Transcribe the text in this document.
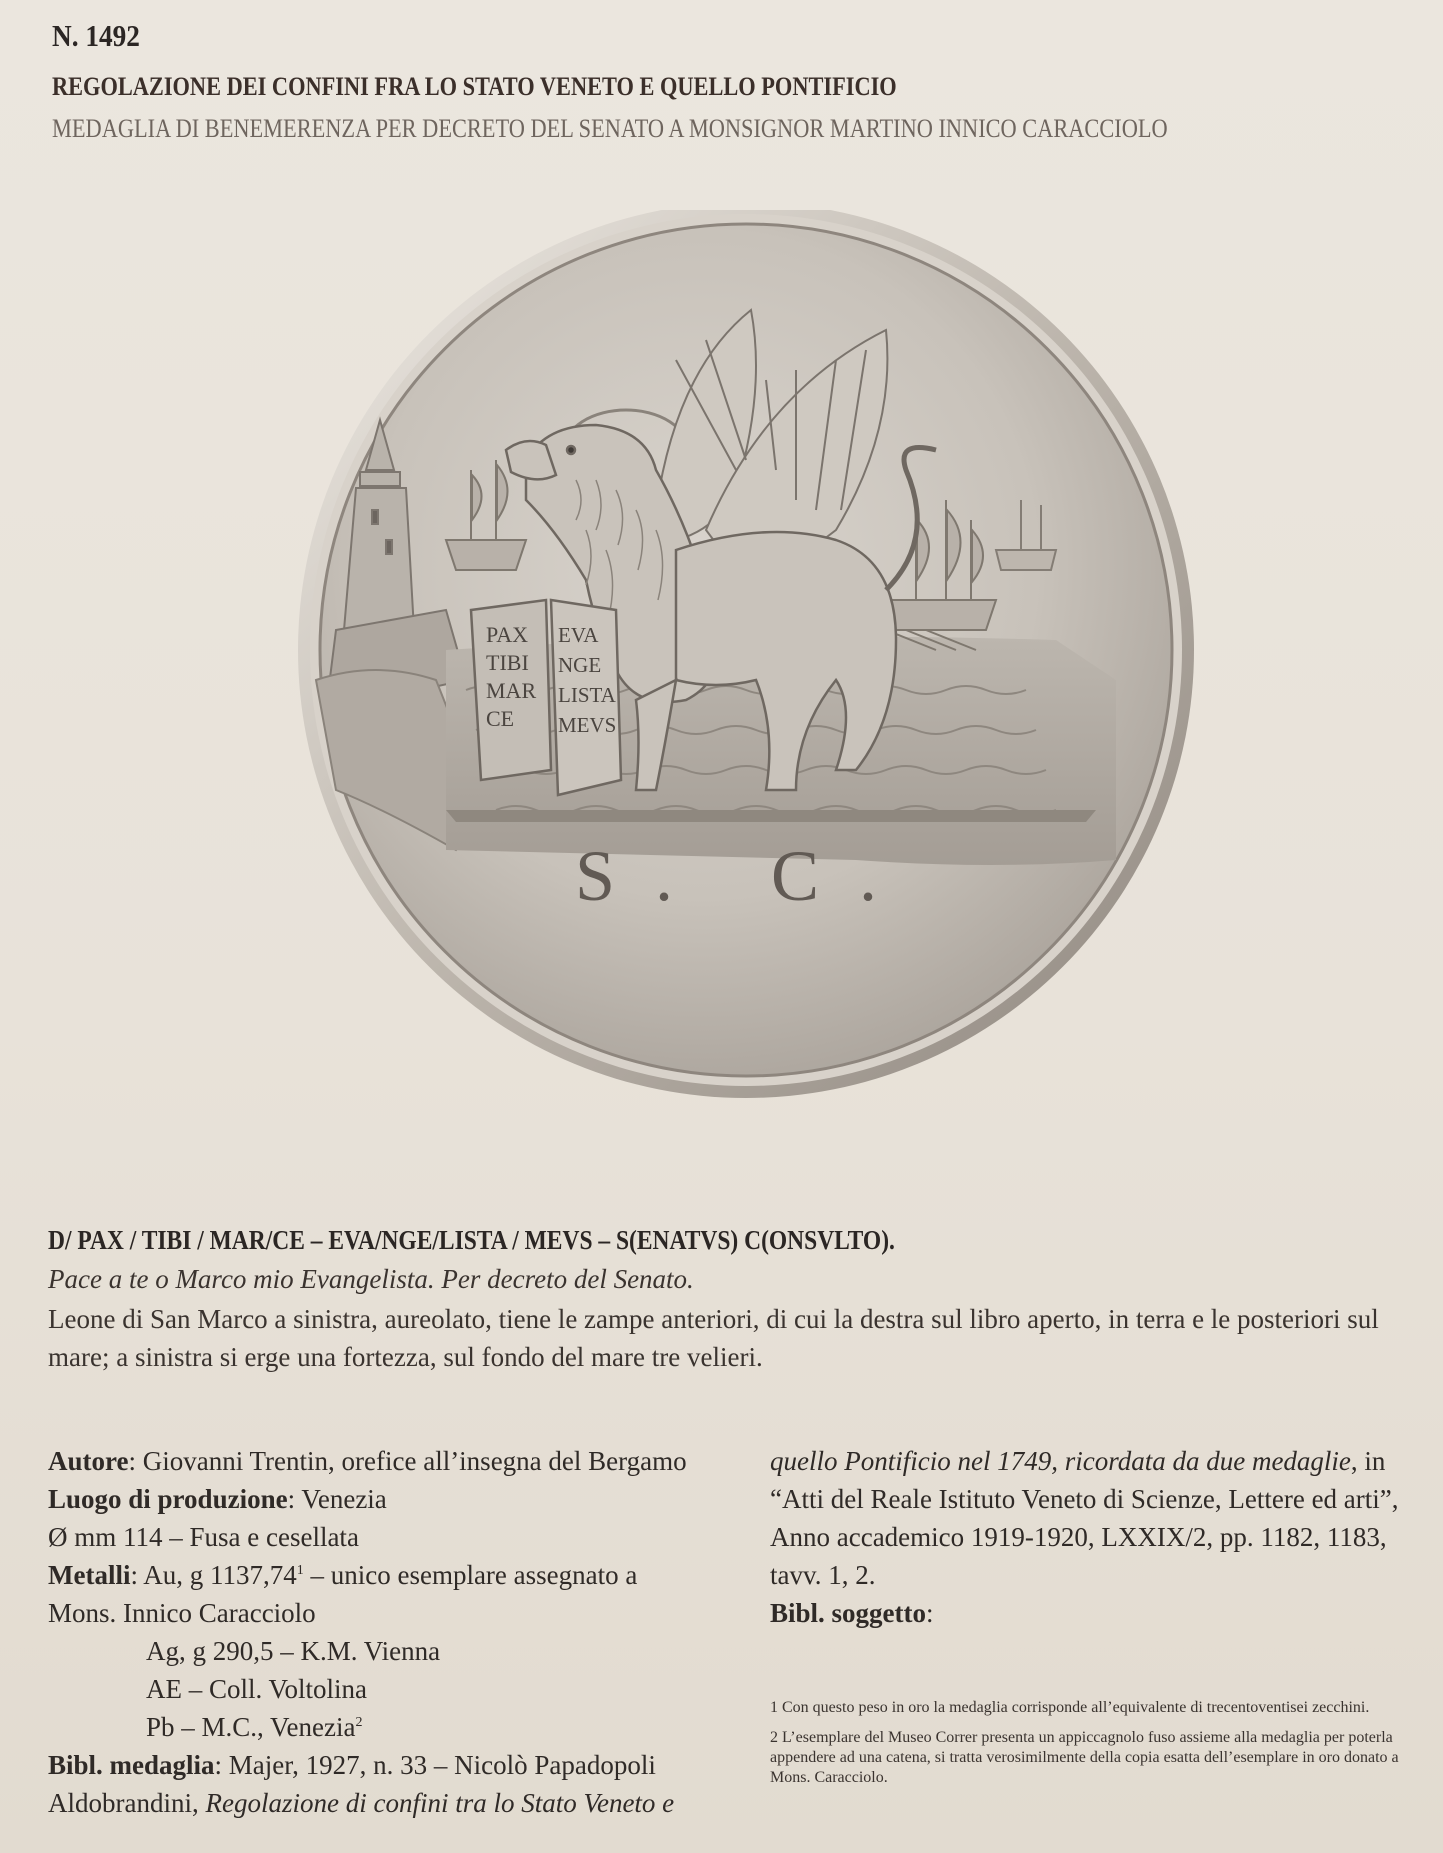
N. 1492
REGOLAZIONE DEI CONFINI FRA LO STATO VENETO E QUELLO PONTIFICIO
MEDAGLIA DI BENEMERENZA PER DECRETO DEL SENATO A MONSIGNOR MARTINO INNICO CARACCIOLO
PAX
TIBI
MAR
CE
EVA
NGE
LISTA
MEVS
S. C.
D/ PAX / TIBI / MAR/CE – EVA/NGE/LISTA / MEVS – S(ENATVS) C(ONSVLTO).
Pace a te o Marco mio Evangelista. Per decreto del Senato.
Leone di San Marco a sinistra, aureolato, tiene le zampe anteriori, di cui la destra sul libro aperto, in terra e le posteriori sul mare; a sinistra si erge una fortezza, sul fondo del mare tre velieri.
Autore: Giovanni Trentin, orefice all’insegna del Bergamo
Luogo di produzione: Venezia
Ø mm 114 – Fusa e cesellata
Metalli: Au, g 1137,74$^1$ – unico esemplare assegnato a
Mons. Innico Caracciolo
Ag, g 290,5 – K.M. Vienna
AE – Coll. Voltolina
Pb – M.C., Venezia$^2$
Bibl. medaglia: Majer, 1927, n. 33 – Nicolò Papadopoli
Aldobrandini, Regolazione di confini tra lo Stato Veneto e
quello Pontificio nel 1749, ricordata da due medaglie, in
“Atti del Reale Istituto Veneto di Scienze, Lettere ed arti”,
Anno accademico 1919-1920, LXXIX/2, pp. 1182, 1183,
tavv. 1, 2.
Bibl. soggetto:
1 Con questo peso in oro la medaglia corrisponde all’equivalente di trecentoventisei zecchini.
2 L’esemplare del Museo Correr presenta un appiccagnolo fuso assieme alla medaglia per poterla appendere ad una catena, si tratta verosimilmente della copia esatta dell’esemplare in oro donato a Mons. Caracciolo.
